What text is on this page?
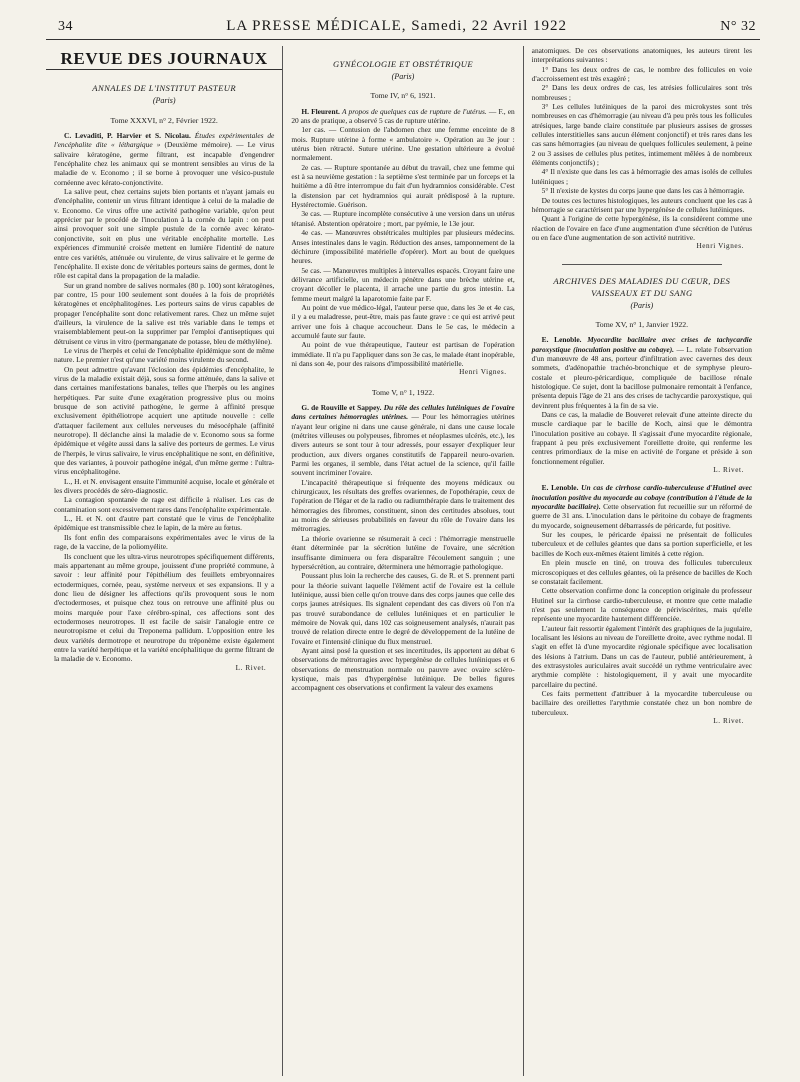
34	LA PRESSE MÉDICALE, Samedi, 22 Avril 1922	N° 32
REVUE DES JOURNAUX
ANNALES DE L'INSTITUT PASTEUR
(Paris)
Tome XXXVI, n° 2, Février 1922.

C. Levaditi, P. Harvier et S. Nicolau. Études expérimentales de l'encéphalite dite « léthargique » (Deuxième mémoire). — Le virus salivaire kératogène, germe filtrant, est incapable d'engendrer l'encéphalite chez les animaux qui se montrent sensibles au virus de la maladie de v. Economo ; il se borne à provoquer une vésico-pustule cornéenne avec kérato-conjonctivite.

La salive peut, chez certains sujets bien portants et n'ayant jamais eu d'encéphalite, contenir un virus filtrant identique à celui de la maladie de v. Economo. Ce virus offre une activité pathogène variable, qu'on peut apprécier par le procédé de l'inoculation à la cornée du lapin : on peut ainsi provoquer soit une simple pustule de la cornée avec kérato-conjonctivite, soit en plus une véritable encéphalite mortelle. Les expériences d'immunité croisée mettent en lumière l'identité de nature entre ces variétés, atténuée ou virulente, de virus salivaire et le germe de l'encéphalite. Il existe donc de véritables porteurs sains de germes, dont le rôle est capital dans la propagation de la maladie.

Sur un grand nombre de salives normales (80 p. 100) sont kératogènes, par contre, 15 pour 100 seulement sont douées à la fois de propriétés kératogènes et encéphalitogènes. Les porteurs sains de virus capables de propager l'encéphalite sont donc relativement rares. Chez un même sujet d'ailleurs, la virulence de la salive est très variable dans le temps et vraisemblablement peut-on la supprimer par l'emploi d'antiseptiques qui détruisent ce virus in vitro (permanganate de potasse, bleu de méthylène).

Le virus de l'herpès et celui de l'encéphalite épidémique sont de même nature. Le premier n'est qu'une variété moins virulente du second.

On peut admettre qu'avant l'éclosion des épidémies d'encéphalite, le virus de la maladie existait déjà, sous sa forme atténuée, dans la salive et dans certaines manifestations banales, telles que l'herpès ou les angines herpétiques. Par suite d'une exagération progressive plus ou moins brusque de son activité pathogène, le germe à affinité presque exclusivement épithéliotrope acquiert une aptitude nouvelle : celle d'attaquer facilement aux cellules nerveuses du mésocéphale (affinité neurotrope). Il déclanche ainsi la maladie de v. Economo sous sa forme épidémique et végète aussi dans la salive des porteurs de germes. Le virus de l'herpès, le virus salivaire, le virus encéphalitique ne sont, en définitive, que des variantes, à pouvoir pathogène inégal, d'un même germe : l'ultra-virus encéphalitogène.

L., H. et N. envisagent ensuite l'immunité acquise, locale et générale et les divers procédés de séro-diagnostic.

La contagion spontanée de rage est difficile à réaliser. Les cas de contamination sont excessivement rares dans l'encéphalite expérimentale.

L., H. et N. ont d'autre part constaté que le virus de l'encéphalite épidémique est transmissible chez le lapin, de la mère au fœtus.

Ils font enfin des comparaisons expérimentales avec le virus de la rage, de la vaccine, de la poliomyélite.

Ils concluent que les ultra-virus neurotropes spécifiquement différents, mais appartenant au même groupe, jouissent d'une propriété commune, à savoir : leur affinité pour l'épithélium des feuillets embryonnaires ectodermiques, cornée, peau, système nerveux et ses expansions. Il y a donc lieu de désigner les affections qu'ils provoquent sous le nom d'ectodermoses, et puisque chez tous on retrouve une affinité plus ou moins marquée pour l'axe cérébro-spinal, ces affections sont des ectodermoses neurotropes. Il est facile de saisir l'analogie entre ce neurotropisme et celui du Treponema pallidum. L'opposition entre les deux variétés dermotrope et neurotrope du tréponème existe également entre la variété herpétique et la variété encéphalitique du germe filtrant de la maladie de v. Economo.

L. Rivet.
GYNÉCOLOGIE ET OBSTÉTRIQUE
(Paris)
Tome IV, n° 6, 1921.

H. Fleurent. A propos de quelques cas de rupture de l'utérus. — F., en 20 ans de pratique, a observé 5 cas de rupture utérine.

1er cas. — Contusion de l'abdomen chez une femme enceinte de 8 mois. Rupture utérine à forme « ambulatoire ». Opération au 3e jour : utérus bien rétracté. Suture utérine. Une gestation ultérieure a évolué normalement.

2e cas. — Rupture spontanée au début du travail, chez une femme qui est à sa neuvième gestation : la septième s'est terminée par un forceps et la huitième a dû être interrompue du fait d'un hydramnios considérable. C'est la distension par cet hydramnios qui aurait prédisposé à la rupture. Hystérectomie. Guérison.

3e cas. — Rupture incomplète consécutive à une version dans un utérus tétanisé. Abstention opératoire ; mort, par pyémie, le 13e jour.

4e cas. — Manœuvres obstétricales multiples par plusieurs médecins. Anses intestinales dans le vagin. Réduction des anses, tamponnement de la déchirure (impossibilité matérielle d'opérer). Mort au bout de quelques heures.

5e cas. — Manœuvres multiples à intervalles espacés. Croyant faire une délivrance artificielle, un médecin pénètre dans une brèche utérine et, croyant décoller le placenta, il arrache une partie du gros intestin. La femme meurt malgré la laparotomie faite par F.

Au point de vue médico-légal, l'auteur perse que, dans les 3e et 4e cas, il y a eu maladresse, peut-être, mais pas faute grave : ce qui est arrivé peut arriver une fois à chaque accoucheur. Dans le 5e cas, le médecin a accumulé faute sur faute.

Au point de vue thérapeutique, l'auteur est partisan de l'opération immédiate. Il n'a pu l'appliquer dans son 3e cas, le malade étant inopérable, ni dans son 4e, pour des raisons d'impossibilité matérielle.

Henri Vignes.
Tome V, n° 1, 1922.

G. de Rouville et Sappey. Du rôle des cellules lutéiniques de l'ovaire dans certaines hémorragies utérines. — Pour les hémorragies utérines n'ayant leur origine ni dans une cause générale, ni dans une cause locale (métrites villeuses ou polypeuses, fibromes et néoplasmes ulcérés, etc.), les divers auteurs se sont tour à tour adressés, pour essayer d'expliquer leur production, aux divers organes constitutifs de l'appareil neuro-ovarien. Parmi les organes, il semble, dans l'état actuel de la science, qu'il faille souvent incriminer l'ovaire.

L'incapacité thérapeutique si fréquente des moyens médicaux ou chirurgicaux, les résultats des greffes ovariennes, de l'opothérapie, ceux de l'opération de l'Iégar et de la radio ou radiumthérapie dans le traitement des hémorragies des fibromes, constituent, sinon des certitudes absolues, tout au moins de sérieuses probabilités en faveur du rôle de l'ovaire dans les métrorragies.

La théorie ovarienne se résumerait à ceci : l'hémorragie menstruelle étant déterminée par la sécrétion lutéine de l'ovaire, une sécrétion insuffisante diminuera ou fera disparaître l'écoulement sanguin ; une hypersécrétion, au contraire, déterminera une hémorragie pathologique.

Poussant plus loin la recherche des causes, G. de R. et S. prennent parti pour la théorie suivant laquelle l'élément actif de l'ovaire est la cellule lutéinique, aussi bien celle qu'on trouve dans des corps jaunes que celle des corps jaunes atrésiques. Ils signalent cependant des cas divers où l'on n'a pas trouvé surabondance de cellules lutéiniques et en particulier le mémoire de Novak qui, dans 102 cas soigneusement analysés, n'aurait pas trouvé de relation directe entre le degré de développement de la lutéine de l'ovaire et l'intensité clinique du flux menstruel.

Ayant ainsi posé la question et ses incertitudes, ils apportent au débat 6 observations de métrorragies avec hypergénèse de cellules lutéiniques et 6 observations de menstruation normale ou pauvre avec ovaire scléro-kystique, mais pas d'hypergénèse lutéinique. De belles figures accompagnent ces observations et confirment la valeur des examens

anatomiques. De ces observations anatomiques, les auteurs tirent les interprétations suivantes :

1° Dans les deux ordres de cas, le nombre des follicules en voie d'accroissement est très exagéré ;

2° Dans les deux ordres de cas, les atrésies folliculaires sont très nombreuses ;

3° Les cellules lutéiniques de la paroi des microkystes sont très nombreuses en cas d'hémorragie (au niveau d'à peu près tous les follicules atrésiques, large bande claire constituée par plusieurs assises de grosses cellules interstitielles sans aucun élément conjonctif) et très rares dans les cas sans hémorragies (au niveau de quelques follicules seulement, à peine 2 ou 3 assises de cellules plus petites, intimement mêlées à de nombreux éléments conjonctifs) ;

4° Il n'existe que dans les cas à hémorragie des amas isolés de cellules lutéiniques ;

5° Il n'existe de kystes du corps jaune que dans les cas à hémorragie.

De toutes ces lectures histologiques, les auteurs concluent que les cas à hémorragie se caractérisent par une hypergénèse de cellules lutéiniques.

Quant à l'origine de cette hypergénèse, ils la considèrent comme une réaction de l'ovaire en face d'une augmentation d'une sécrétion de l'utérus ou en face d'une augmentation de son activité nutritive.

Henri Vignes.
ARCHIVES DES MALADIES DU CŒUR, DES VAISSEAUX ET DU SANG
(Paris)
Tome XV, n° 1, Janvier 1922.

E. Lenoble. Myocardite bacillaire avec crises de tachycardie paroxystique (inoculation positive au cobaye). — L. relate l'observation d'un manœuvre de 48 ans, porteur d'infiltration avec cavernes des deux sommets, d'adénopathie trachéo-bronchique et de symphyse pleuro-costale et pleuro-péricardique, compliquée de bacillose rénale histologique. Ce sujet, dont la bacillose pulmonaire remontait à l'enfance, présenta depuis l'âge de 21 ans des crises de tachycardie paroxystique, qui devinrent plus fréquentes à la fin de sa vie.

Dans ce cas, la maladie de Bouveret relevait d'une atteinte directe du muscle cardiaque par le bacille de Koch, ainsi que le démontra l'inoculation positive au cobaye. Il s'agissait d'une myocardite régionale, frappant à peu près exclusivement l'oreillette droite, qui renferme les centres primordiaux de la mise en activité de l'organe et préside à son fonctionnement régulier.

L. Rivet.

E. Lenoble. Un cas de cirrhose cardio-tuberculeuse d'Hutinel avec inoculation positive du myocarde au cobaye (contribution à l'étude de la myocardite bacillaire). Cette observation fut recueillie sur un réformé de guerre de 31 ans. L'inoculation dans le péritoine du cobaye de fragments du myocarde, soigneusement débarrassés de péricarde, fut positive.

Sur les coupes, le péricarde épaissi ne présentait de follicules tuberculeux et de cellules géantes que dans sa portion superficielle, et les bacilles de Koch eux-mêmes étaient limités à cette région.

En plein muscle en tiné, on trouva des follicules tuberculeux microscopiques et des cellules géantes, où la présence de bacilles de Koch se constatait facilement.

Cette observation confirme donc la conception originale du professeur Hutinel sur la cirrhose cardio-tuberculeuse, et montre que cette maladie n'est pas seulement la conséquence de périviscérites, mais qu'elle représente une myocardite hautement différenciée.

L'auteur fait ressortir également l'intérêt des graphiques de la jugulaire, localisant les lésions au niveau de l'oreillette droite, avec rythme nodal. Il s'agit en effet là d'une myocardite régionale spécifique avec localisation des lésions à l'atrium. Dans un cas de l'auteur, publié antérieurement, à des extrasystoles auriculaires avait succédé un rythme ventriculaire avec arythmie complète : histologiquement, il y avait une myocardite parcellaire du pectiné.

Ces faits permettent d'attribuer à la myocardite tuberculeuse ou bacillaire des oreillettes l'arythmie constatée chez un bon nombre de tuberculeux.

L. Rivet.
